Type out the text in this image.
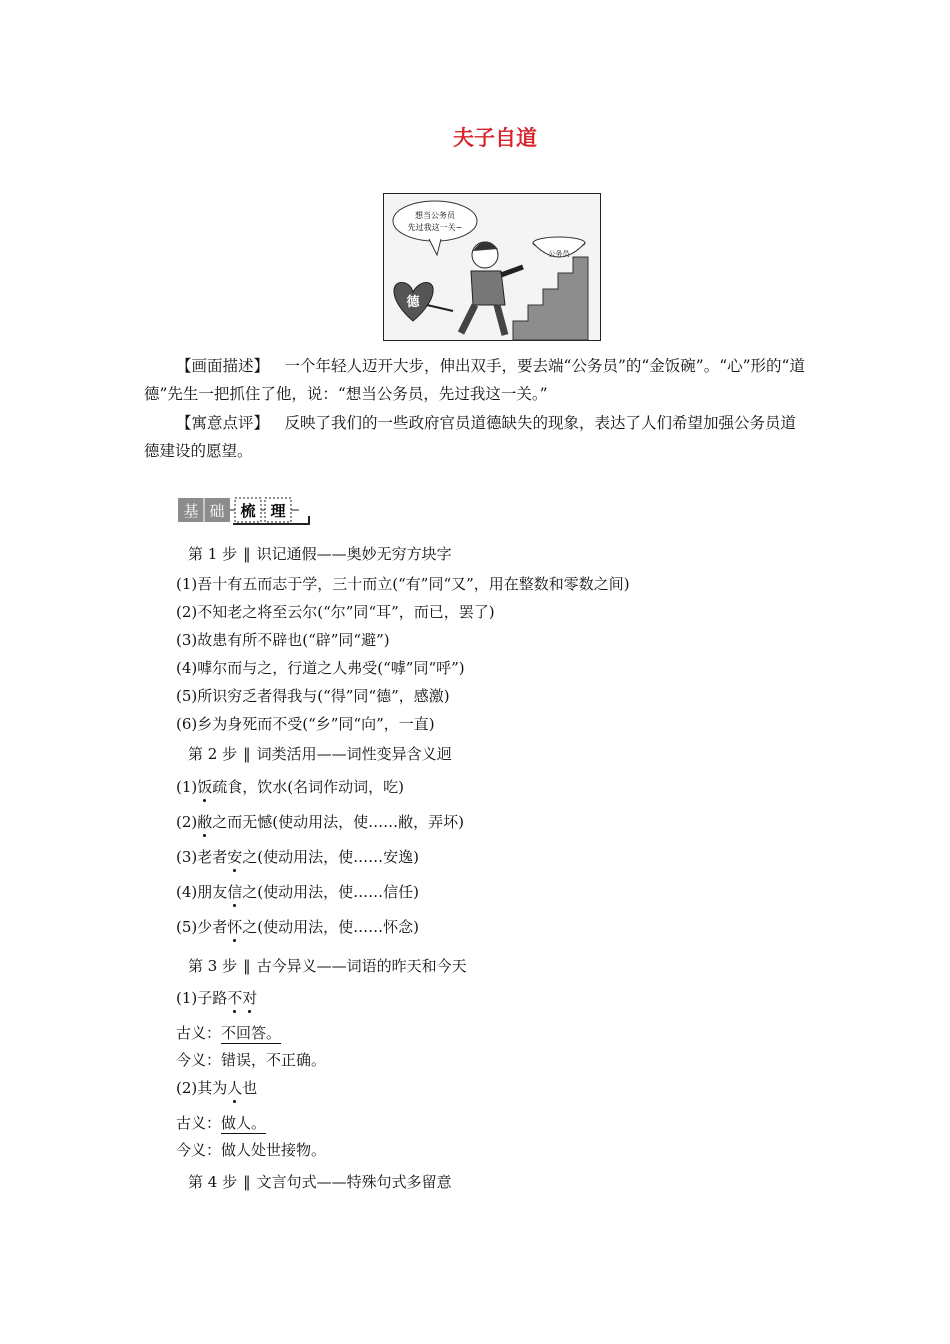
夫子自道
公务员
想当公务员
先过我这一关~
德
【画面描述】  一个年轻人迈开大步，伸出双手，要去端“公务员”的“金饭碗”。“心”形的“道德”先生一把抓住了他，说：“想当公务员，先过我这一关。”
【寓意点评】  反映了我们的一些政府官员道德缺失的现象，表达了人们希望加强公务员道德建设的愿望。
基 础 梳 理
第 1 步 ‖ 识记通假——奥妙无穷方块字
(1)吾十有五而志于学，三十而立(“有”同“又”，用在整数和零数之间)
(2)不知老之将至云尔(“尔”同“耳”，而已，罢了)
(3)故患有所不辟也(“辟”同“避”)
(4)嘑尔而与之，行道之人弗受(“嘑”同“呼”)
(5)所识穷乏者得我与(“得”同“德”，感激)
(6)乡为身死而不受(“乡”同“向”，一直)
第 2 步 ‖ 词类活用——词性变异含义迥
(1)饭疏食，饮水(名词作动词，吃)
(2)敝之而无憾(使动用法，使……敝，弄坏)
(3)老者安之(使动用法，使……安逸)
(4)朋友信之(使动用法，使……信任)
(5)少者怀之(使动用法，使……怀念)
第 3 步 ‖ 古今异义——词语的昨天和今天
(1)子路不对
古义：不回答。
今义：错误，不正确。
(2)其为人也
古义：做人。
今义：做人处世接物。
第 4 步 ‖ 文言句式——特殊句式多留意
